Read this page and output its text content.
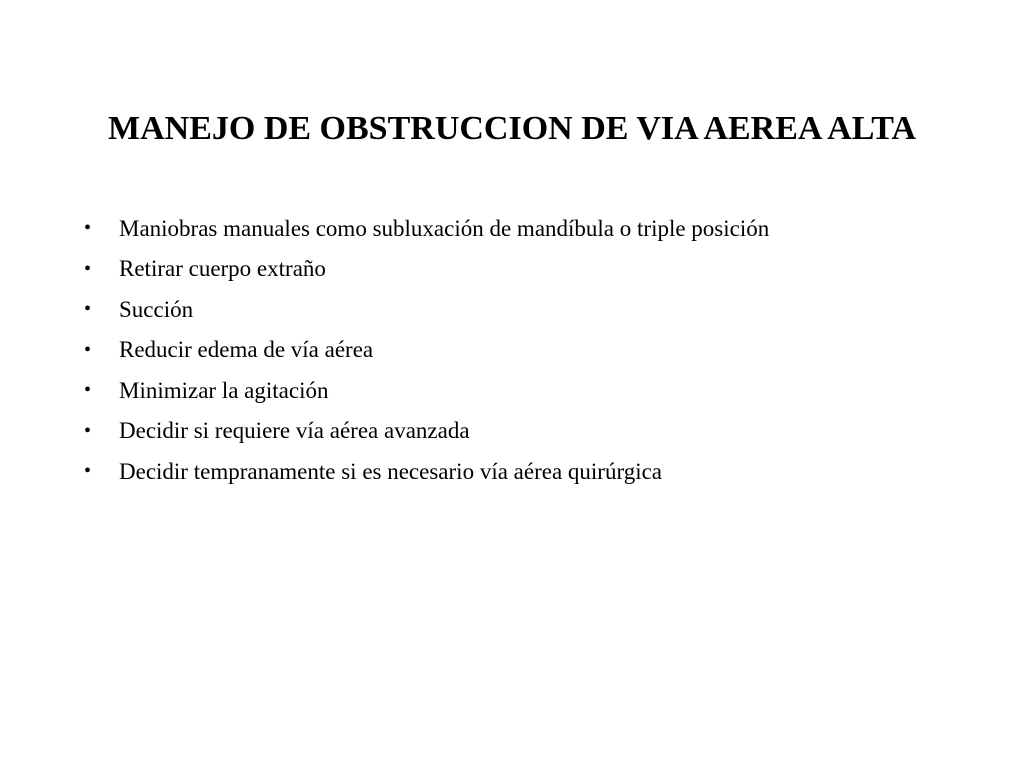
MANEJO DE OBSTRUCCION DE VIA AEREA ALTA
•	Maniobras manuales como subluxación de mandíbula o triple posición
•	Retirar cuerpo extraño
•	Succión
•	Reducir edema de vía aérea
•	Minimizar la agitación
•	Decidir si requiere vía aérea avanzada
•	Decidir tempranamente si es necesario vía aérea quirúrgica
